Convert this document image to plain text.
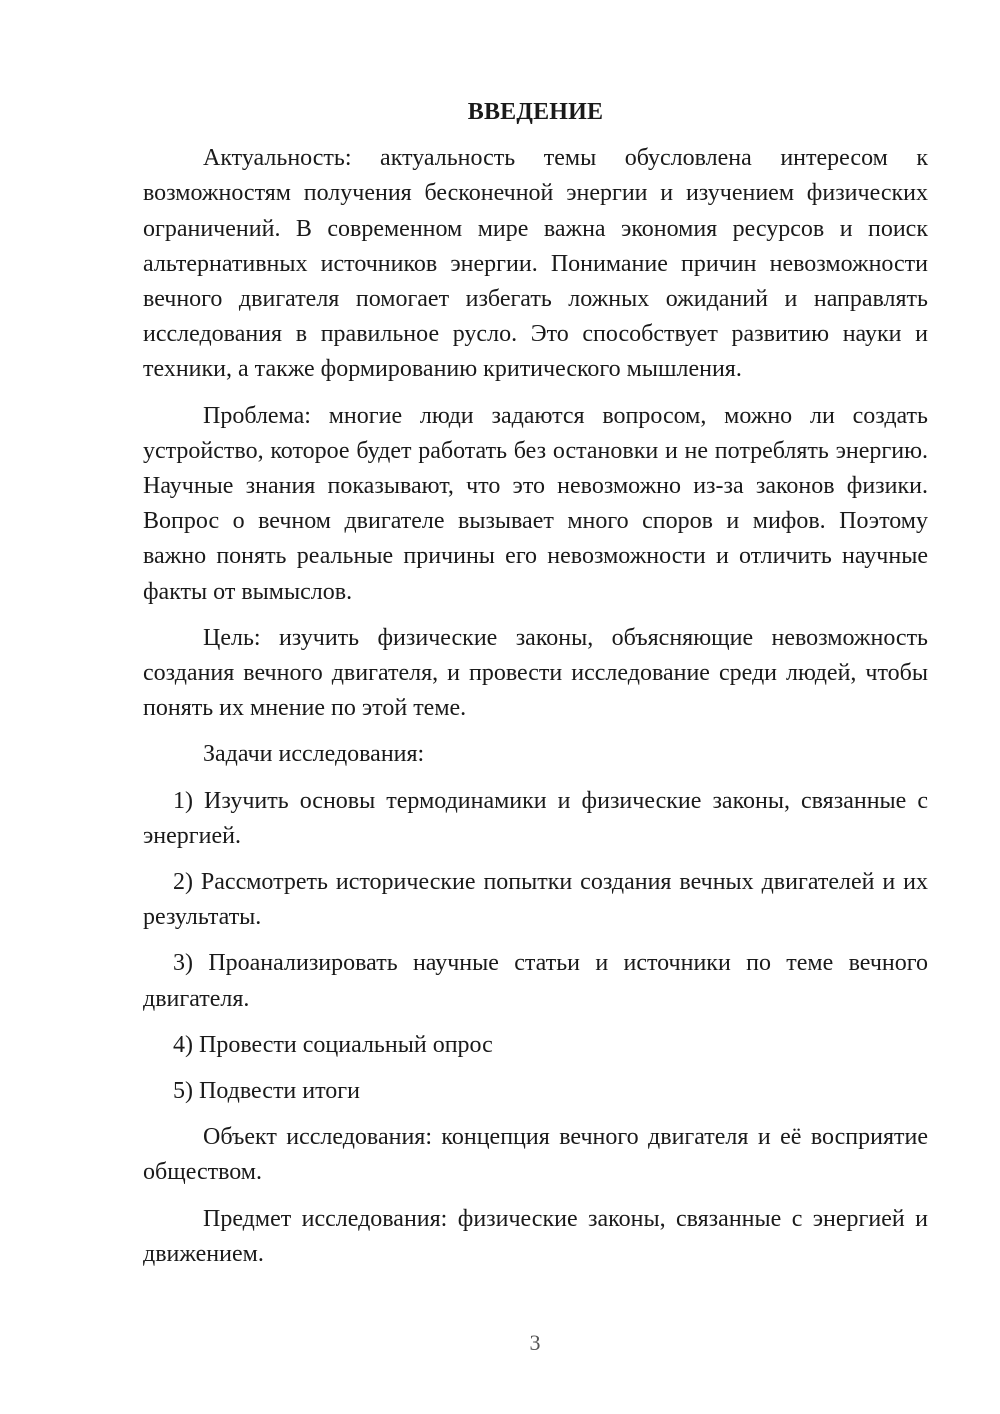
ВВЕДЕНИЕ

Актуальность: актуальность темы обусловлена интересом к возможностям получения бесконечной энергии и изучением физических ограничений. В современном мире важна экономия ресурсов и поиск альтернативных источников энергии. Понимание причин невозможности вечного двигателя помогает избегать ложных ожиданий и направлять исследования в правильное русло. Это способствует развитию науки и техники, а также формированию критического мышления.

Проблема: многие люди задаются вопросом, можно ли создать устройство, которое будет работать без остановки и не потреблять энергию. Научные знания показывают, что это невозможно из-за законов физики. Вопрос о вечном двигателе вызывает много споров и мифов. Поэтому важно понять реальные причины его невозможности и отличить научные факты от вымыслов.

Цель: изучить физические законы, объясняющие невозможность создания вечного двигателя, и провести исследование среди людей, чтобы понять их мнение по этой теме.

Задачи исследования:

1) Изучить основы термодинамики и физические законы, связанные с энергией.

2) Рассмотреть исторические попытки создания вечных двигателей и их результаты.

3) Проанализировать научные статьи и источники по теме вечного двигателя.

4) Провести социальный опрос

5) Подвести итоги

Объект исследования: концепция вечного двигателя и её восприятие обществом.

Предмет исследования: физические законы, связанные с энергией и движением.

3
